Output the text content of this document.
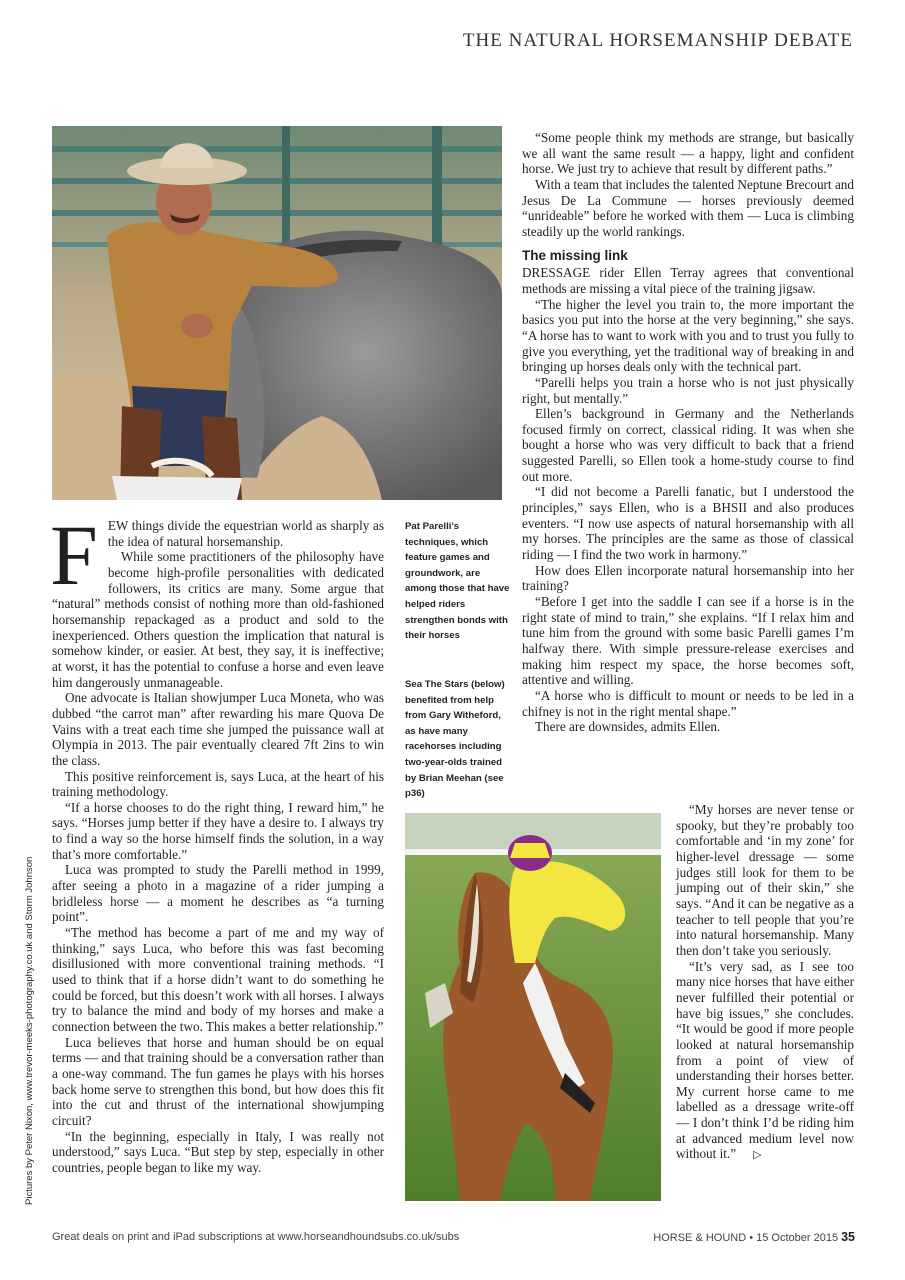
THE NATURAL HORSEMANSHIP DEBATE
F EW things divide the equestrian world as sharply as the idea of natural horsemanship.

While some practitioners of the philosophy have become high-profile personalities with dedicated followers, its critics are many. Some argue that “natural” methods consist of nothing more than old-fashioned horsemanship repackaged as a product and sold to the inexperienced. Others question the implication that natural is somehow kinder, or easier. At best, they say, it is ineffective; at worst, it has the potential to confuse a horse and even leave him dangerously unmanageable.

One advocate is Italian showjumper Luca Moneta, who was dubbed “the carrot man” after rewarding his mare Quova De Vains with a treat each time she jumped the puissance wall at Olympia in 2013. The pair eventually cleared 7ft 2ins to win the class.

This positive reinforcement is, says Luca, at the heart of his training methodology.

“If a horse chooses to do the right thing, I reward him,” he says. “Horses jump better if they have a desire to. I always try to find a way so the horse himself finds the solution, in a way that’s more comfortable.”

Luca was prompted to study the Parelli method in 1999, after seeing a photo in a magazine of a rider jumping a bridleless horse — a moment he describes as “a turning point”.

“The method has become a part of me and my way of thinking,” says Luca, who before this was fast becoming disillusioned with more conventional training methods. “I used to think that if a horse didn’t want to do something he could be forced, but this doesn’t work with all horses. I always try to balance the mind and body of my horses and make a connection between the two. This makes a better relationship.”

Luca believes that horse and human should be on equal terms — and that training should be a conversation rather than a one-way command. The fun games he plays with his horses back home serve to strengthen this bond, but how does this fit into the cut and thrust of the international showjumping circuit?

“In the beginning, especially in Italy, I was really not understood,” says Luca. “But step by step, especially in other countries, people began to like my way.

Pat Parelli’s techniques, which feature games and groundwork, are among those that have helped riders strengthen bonds with their horses
Sea The Stars (below) benefited from help from Gary Witheford, as have many racehorses including two-year-olds trained by Brian Meehan (see p36)

“Some people think my methods are strange, but basically we all want the same result — a happy, light and confident horse. We just try to achieve that result by different paths.”

With a team that includes the talented Neptune Brecourt and Jesus De La Commune — horses previously deemed “unrideable” before he worked with them — Luca is climbing steadily up the world rankings.

The missing link

DRESSAGE rider Ellen Terray agrees that conventional methods are missing a vital piece of the training jigsaw.

“The higher the level you train to, the more important the basics you put into the horse at the very beginning,” she says. “A horse has to want to work with you and to trust you fully to give you everything, yet the traditional way of breaking in and bringing up horses deals only with the technical part.

“Parelli helps you train a horse who is not just physically right, but mentally.”

Ellen’s background in Germany and the Netherlands focused firmly on correct, classical riding. It was when she bought a horse who was very difficult to back that a friend suggested Parelli, so Ellen took a home-study course to find out more.

“I did not become a Parelli fanatic, but I understood the principles,” says Ellen, who is a BHSII and also produces eventers. “I now use aspects of natural horsemanship with all my horses. The principles are the same as those of classical riding — I find the two work in harmony.”

How does Ellen incorporate natural horsemanship into her training?

“Before I get into the saddle I can see if a horse is in the right state of mind to train,” she explains. “If I relax him and tune him from the ground with some basic Parelli games I’m halfway there. With simple pressure-release exercises and making him respect my space, the horse becomes soft, attentive and willing.

“A horse who is difficult to mount or needs to be led in a chifney is not in the right mental shape.”

There are downsides, admits Ellen.

“My horses are never tense or spooky, but they’re probably too comfortable and ‘in my zone’ for higher-level dressage — some judges still look for them to be jumping out of their skin,” she says. “And it can be negative as a teacher to tell people that you’re into natural horsemanship. Many then don’t take you seriously.

“It’s very sad, as I see too many nice horses that have either never fulfilled their potential or have big issues,” she concludes. “It would be good if more people looked at natural horsemanship from a point of view of understanding their horses better. My current horse came to me labelled as a dressage write-off — I don’t think I’d be riding him at advanced medium level now without it.” ▷

Pictures by Peter Nixon, www.trevor-meeks-photography.co.uk and Storm Johnson
Great deals on print and iPad subscriptions at www.horseandhoundsubs.co.uk/subs	HORSE & HOUND • 15 October 2015 35
